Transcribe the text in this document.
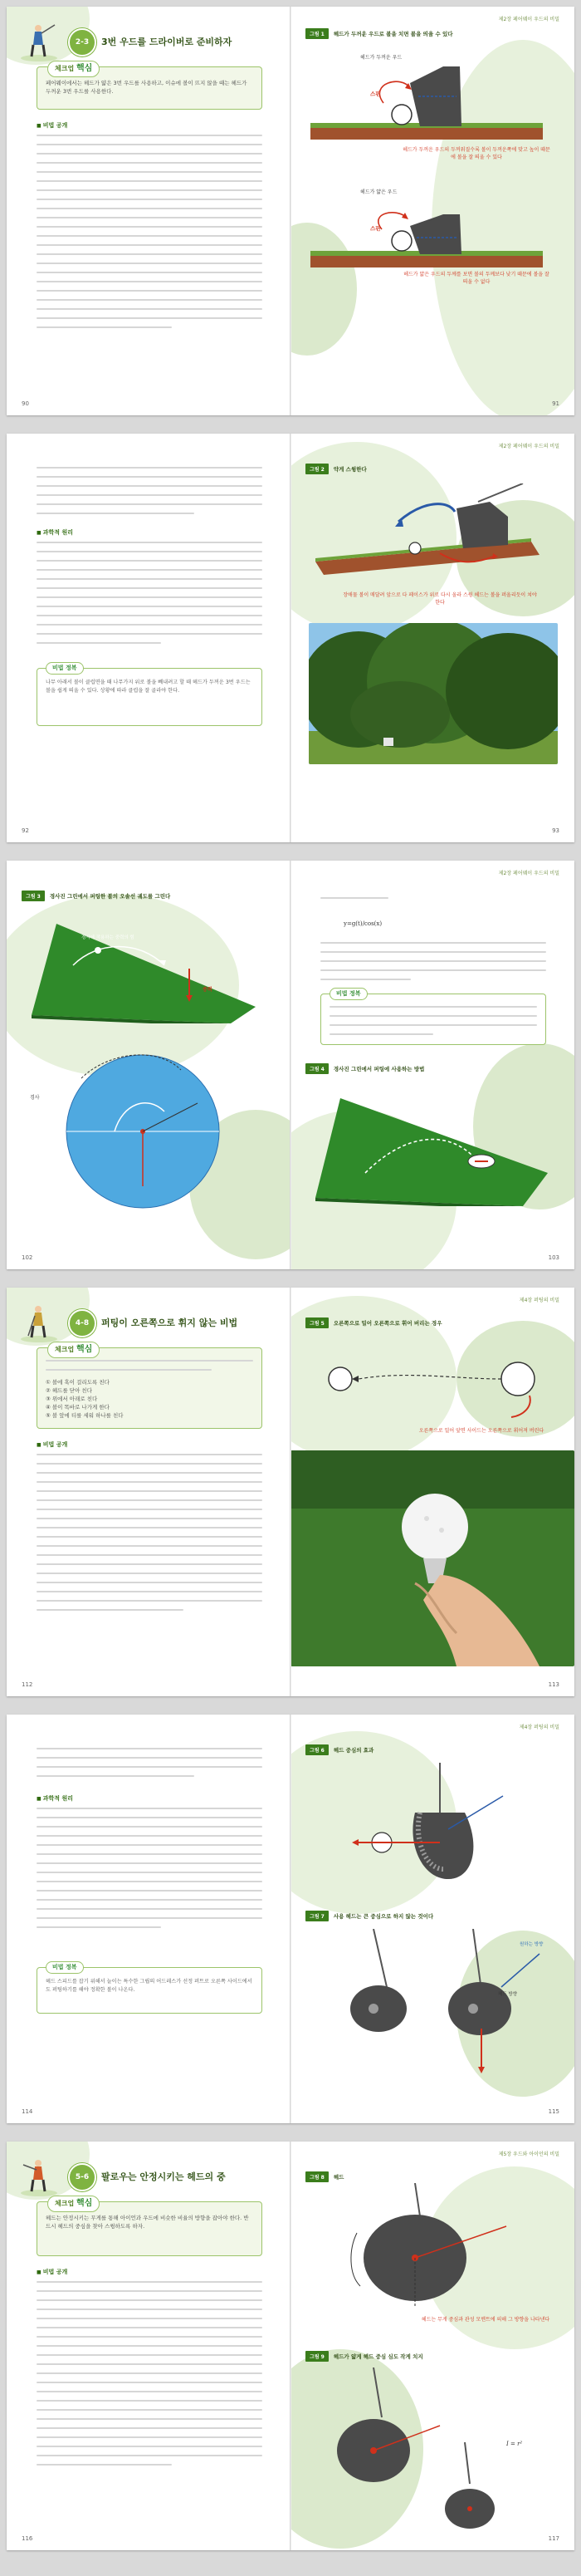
2-3	3번 우드를 드라이버로 준비하자
체크업 핵심
페어웨이에서는 헤드가 얇은 3번 우드를 사용하고, 이슈에 볼이 뜨지 않을 때는 헤드가 두꺼운 3번 우드를 사용한다.
■ 비법 공개
90
제2장 페어웨이 우드의 비밀
그림 1	헤드가 두꺼운 우드로 볼을 치면 볼을 띄울 수 있다
헤드가 두꺼운 우드
스핀
헤드가 두꺼운 우드의 두꺼워질수록 볼이 두꺼운쪽에 맞고 높이 때문에 볼을 잘 띄울 수 있다
헤드가 얇은 우드
스핀
헤드가 얇은 우드의 두께를 보면 볼의 두께보다 낮기 때문에 볼을 잘 띄울 수 없다
91
■ 과학적 원리
비법 정복
나무 아래서 볼이 클럽면을 때 나무가지 위로 볼을 빼내려고 할 때 헤드가 두꺼운 3번 우드는 볼을 쉽게 띄울 수 있다. 상황에 따라 클럽을 잘 골라야 한다.
92
제2장 페어웨이 우드의 비밀
그림 2	약게 스윙한다
장애물 볼이 매달려 앞으로 다 페이스가 위로 다시 올라 스윙 헤드는 볼을 퍼올리듯이 쳐야 한다
93
그림 3	경사진 그린에서 퍼팅한 볼의 오솔선 궤도를 그린다
경사에 작용하는 중력의 힘
중력
경사
102
제2장 페어웨이 우드의 비밀
y=g(t)/cos(x)
비법 정복
그림 4	경사진 그린에서 퍼팅에 사용하는 방법
103
4-8	퍼팅이 오른쪽으로 휘지 않는 비법
체크업 핵심
① 볼에 훅이 걸리도록 친다
② 헤드를 닫아 친다
③ 위에서 아래로 친다
④ 볼이 똑바로 나가게 한다
⑤ 볼 앞에 티를 세워 하나를 친다
■ 비법 공개
112
제4장 퍼팅의 비밀
그림 5	오른쪽으로 밀어 오른쪽으로 휘어 버리는 경우
오른쪽으로 밀어 앞면 사이드는 오른쪽으로 휘어져 버린다
113
■ 과학적 원리
비법 정복
헤드 스피드를 잡기 위해서 늘이는 특수한 그립의 어드레스가 선정 퍼트로 오른쪽 사이드에서도 퍼팅하기를 해야 정확한 볼이 나온다.
114
제4장 퍼팅의 비밀
그림 6	헤드 중심의 효과
그림 7	사용 헤드는 큰 중심으로 하지 않는 것이다
원하는 방향
헤드 방향
115
5-6	팔로우는 안정시키는 헤드의 중
체크업 핵심
헤드는 안정시키는 무게를 통해 아이언과 우드에 비슷한 비율의 방향을 잡아야 한다. 반드시 헤드의 중심을 찾아 스윙하도록 하자.
■ 비법 공개
116
제5장 우드와 아이언의 비밀
그림 8	헤드
헤드는 무게 중심과 관성 모멘트에 의해 그 방향을 나타낸다
그림 9	헤드가 얇게 헤드 중심 심도 작게 치지
I = r²
117
